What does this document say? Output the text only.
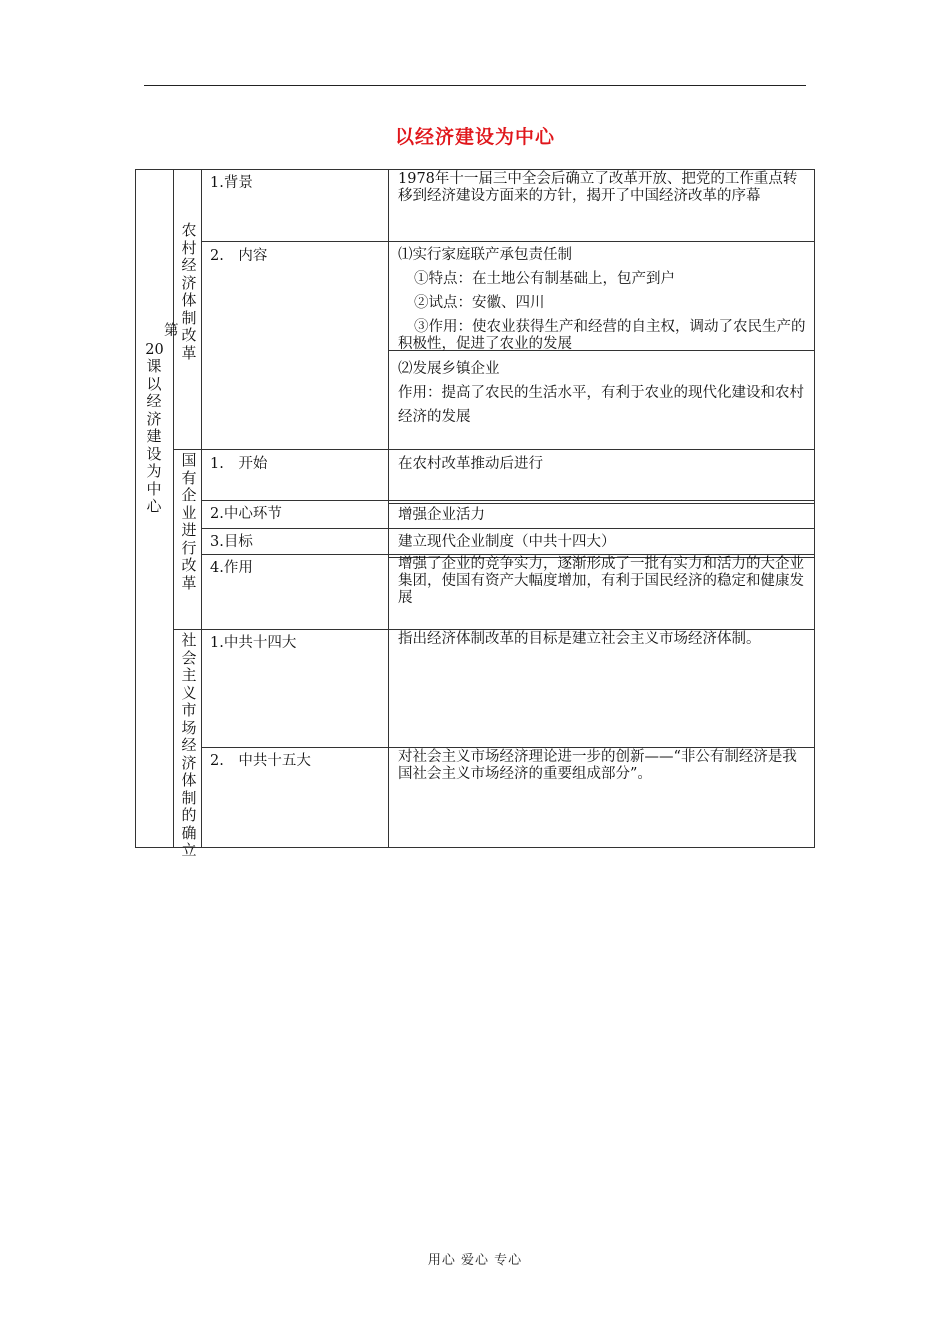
以经济建设为中心
20
课以经济建设为中心
农村经济体制改革
第
国有企业进行改革
社会主义市场经济体制的确立
1.背景	1978年十一届三中全会后确立了改革开放、把党的工作重点转移到经济建设方面来的方针，揭开了中国经济改革的序幕
2.　内容	⑴实行家庭联产承包责任制

①特点：在土地公有制基础上，包产到户

②试点：安徽、四川

③作用：使农业获得生产和经营的自主权，调动了农民生产的积极性，促进了农业的发展

⑵发展乡镇企业

作用：提高了农民的生活水平，有利于农业的现代化建设和农村经济的发展

1.　开始	在农村改革推动后进行
2.中心环节	增强企业活力
3.目标	建立现代企业制度（中共十四大）
4.作用	增强了企业的竞争实力，逐渐形成了一批有实力和活力的大企业集团，使国有资产大幅度增加，有利于国民经济的稳定和健康发展
1.中共十四大	指出经济体制改革的目标是建立社会主义市场经济体制。
2.　中共十五大	对社会主义市场经济理论进一步的创新——“非公有制经济是我国社会主义市场经济的重要组成部分”。
用心 爱心 专心
